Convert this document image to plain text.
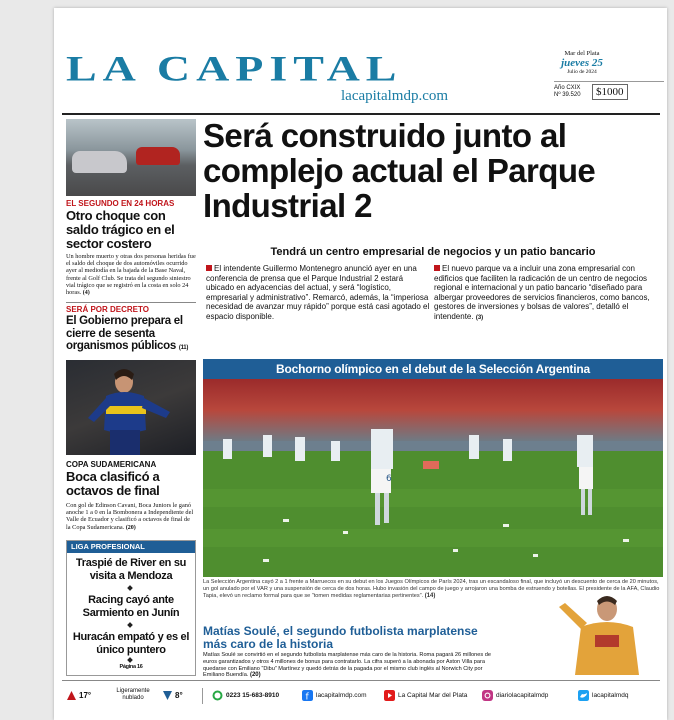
LA CAPITAL
lacapitalmdp.com
Mar del Plata
jueves 25
Julio de 2024
Año CXIX
Nº 39.520	$1000
EL SEGUNDO EN 24 HORAS
Otro choque con saldo trágico en el sector costero
Un hombre muerto y otras dos personas heridas fue el saldo del choque de dos automóviles ocurrido ayer al mediodía en la bajada de la Base Naval, frente al Golf Club. Se trata del segundo siniestro vial trágico que se registró en la costa en solo 24 horas. (4)
SERÁ POR DECRETO
El Gobierno prepara el cierre de sesenta organismos públicos (11)
COPA SUDAMERICANA
Boca clasificó a octavos de final
Con gol de Edinson Cavani, Boca Juniors le ganó anoche 1 a 0 en la Bombonera a Independiente del Valle de Ecuador y clasificó a octavos de final de la Copa Sudamericana. (20)
LIGA PROFESIONAL
Traspié de River en su visita a Mendoza
Racing cayó ante Sarmiento en Junín
Huracán empató y es el único puntero
Página 16
Será construido junto al complejo actual el Parque Industrial 2
Tendrá un centro empresarial de negocios y un patio bancario
El intendente Guillermo Montenegro anunció ayer en una conferencia de prensa que el Parque Industrial 2 estará ubicado en adyacencias del actual, y será “logístico, empresarial y administrativo”. Remarcó, además, la “imperiosa necesidad de avanzar muy rápido” porque está casi agotado el espacio disponible.
El nuevo parque va a incluir una zona empresarial con edificios que faciliten la radicación de un centro de negocios regional e internacional y un patio bancario “diseñado para albergar proveedores de servicios financieros, como bancos, gestores de inversiones y bolsas de valores”, detalló el intendente. (3)
Bochorno olímpico en el debut de la Selección Argentina
6
La Selección Argentina cayó 2 a 1 frente a Marruecos en su debut en los Juegos Olímpicos de París 2024, tras un escandaloso final, que incluyó un descuento de cerca de 20 minutos, un gol anulado por el VAR y una suspensión de cerca de dos horas. Hubo invasión del campo de juego y arrojaron una bomba de estruendo y botellas. El presidente de la AFA, Claudio Tapia, elevó un reclamo formal para que se “tomen medidas reglamentarias pertinentes”. (14)
Matías Soulé, el segundo futbolista marplatense más caro de la historia
Matías Soulé se convirtió en el segundo futbolista marplatense más caro de la historia. Roma pagará 26 millones de euros garantizados y otros 4 millones de bonus para contratarlo. La cifra superó a la abonada por Aston Villa para quedarse con Emiliano “Dibu” Martínez y quedó detrás de la pagada por el mismo club inglés al Norwich City por Emiliano Buendía. (20)
17°	Ligeramente nublado	8°	0223 15-683-8910	f lacapitalmdp.com	La Capital Mar del Plata	diariolacapitalmdp	lacapitalmdq
